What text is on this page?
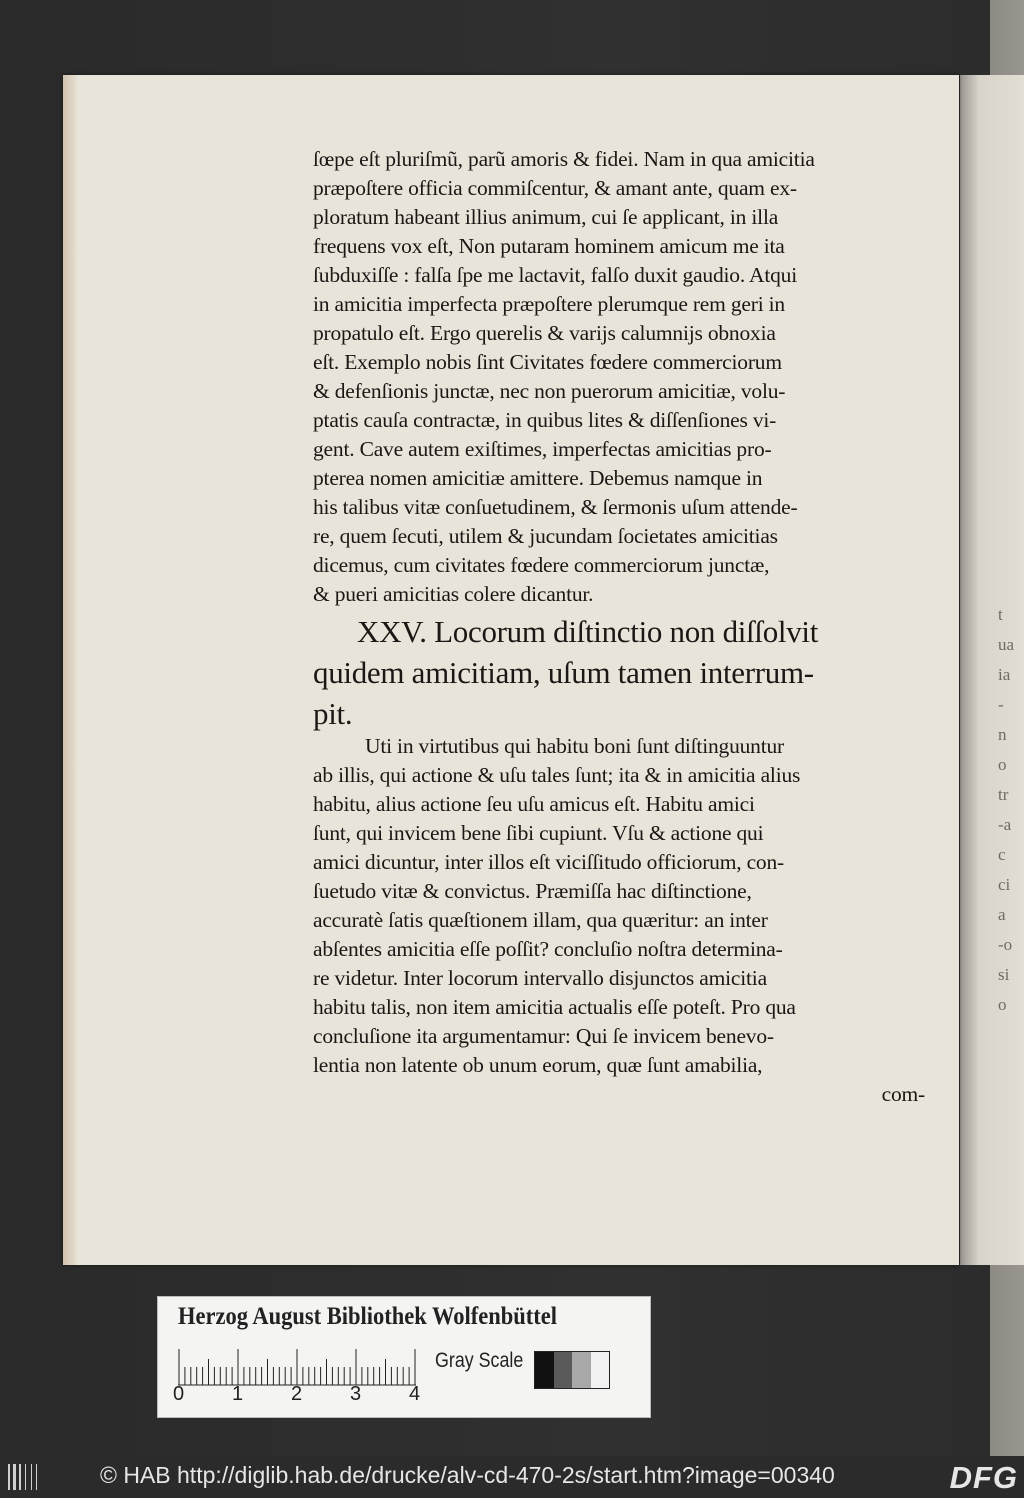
t
ua
ia
-
n
o
tr
-a
c
ci
a
-o
si
o
ſœpe eſt pluriſmũ, parũ amoris & fidei. Nam in qua amicitia
præpoſtere officia commiſcentur, & amant ante, quam ex-
ploratum habeant illius animum, cui ſe applicant, in illa
frequens vox eſt, Non putaram hominem amicum me ita
ſubduxiſſe : falſa ſpe me lactavit, falſo duxit gaudio. Atqui
in amicitia imperfecta præpoſtere plerumque rem geri in
propatulo eſt. Ergo querelis & varijs calumnijs obnoxia
eſt. Exemplo nobis ſint Civitates fœdere commerciorum
& defenſionis junctæ, nec non puerorum amicitiæ, volu-
ptatis cauſa contractæ, in quibus lites & diſſenſiones vi-
gent. Cave autem exiſtimes, imperfectas amicitias pro-
pterea nomen amicitiæ amittere. Debemus namque in
his talibus vitæ conſuetudinem, & ſermonis uſum attende-
re, quem ſecuti, utilem & jucundam ſocietates amicitias
dicemus, cum civitates fœdere commerciorum junctæ,
& pueri amicitias colere dicantur.
XXV. Locorum diſtinctio non diſſolvit
quidem amicitiam, uſum tamen interrum-
pit.
Uti in virtutibus qui habitu boni ſunt diſtinguuntur
ab illis, qui actione & uſu tales ſunt; ita & in amicitia alius
habitu, alius actione ſeu uſu amicus eſt. Habitu amici
ſunt, qui invicem bene ſibi cupiunt. Vſu & actione qui
amici dicuntur, inter illos eſt viciſſitudo officiorum, con-
ſuetudo vitæ & convictus. Præmiſſa hac diſtinctione,
accuratè ſatis quæſtionem illam, qua quæritur: an inter
abſentes amicitia eſſe poſſit? concluſio noſtra determina-
re videtur. Inter locorum intervallo disjunctos amicitia
habitu talis, non item amicitia actualis eſſe poteſt. Pro qua
concluſione ita argumentamur: Qui ſe invicem benevo-
lentia non latente ob unum eorum, quæ ſunt amabilia,
com-
Herzog August Bibliothek Wolfenbüttel
0 1 2 3 4
Gray Scale
© HAB http://diglib.hab.de/drucke/alv-cd-470-2s/start.htm?image=00340	DFG
